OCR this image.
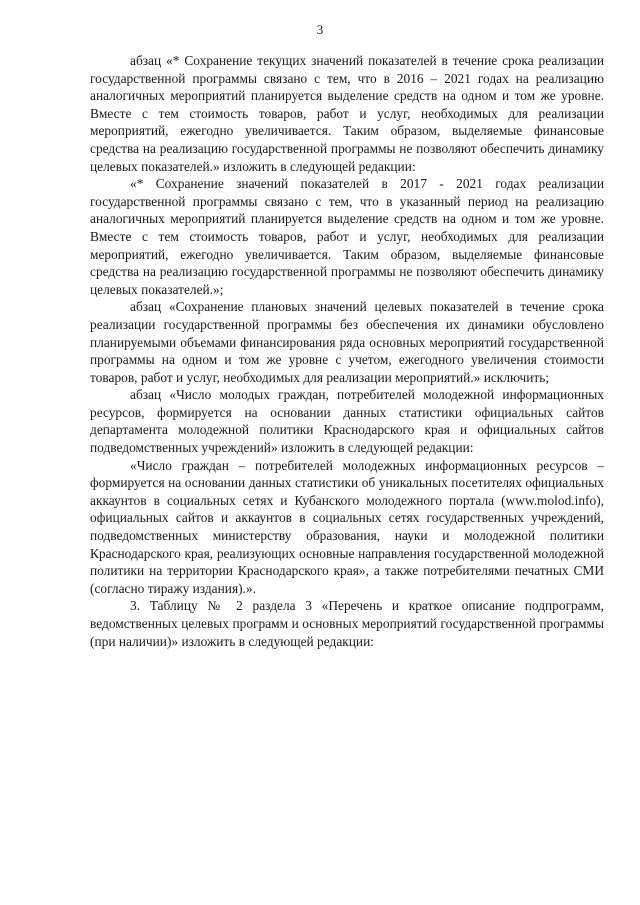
3

абзац «* Сохранение текущих значений показателей в течение срока реализации государственной программы связано с тем, что в 2016 – 2021 годах на реализацию аналогичных мероприятий планируется выделение средств на одном и том же уровне. Вместе с тем стоимость товаров, работ и услуг, необходимых для реализации мероприятий, ежегодно увеличивается. Таким образом, выделяемые финансовые средства на реализацию государственной программы не позволяют обеспечить динамику целевых показателей.» изложить в следующей редакции:

«* Сохранение значений показателей в 2017 - 2021 годах реализации государственной программы связано с тем, что в указанный период на реализацию аналогичных мероприятий планируется выделение средств на одном и том же уровне. Вместе с тем стоимость товаров, работ и услуг, необходимых для реализации мероприятий, ежегодно увеличивается. Таким образом, выделяемые финансовые средства на реализацию государственной программы не позволяют обеспечить динамику целевых показателей.»;

абзац «Сохранение плановых значений целевых показателей в течение срока реализации государственной программы без обеспечения их динамики обусловлено планируемыми объемами финансирования ряда основных мероприятий государственной программы на одном и том же уровне с учетом, ежегодного увеличения стоимости товаров, работ и услуг, необходимых для реализации мероприятий.» исключить;

абзац «Число молодых граждан, потребителей молодежной информационных ресурсов, формируется на основании данных статистики официальных сайтов департамента молодежной политики Краснодарского края и официальных сайтов подведомственных учреждений» изложить в следующей редакции:

«Число граждан – потребителей молодежных информационных ресурсов – формируется на основании данных статистики об уникальных посетителях официальных аккаунтов в социальных сетях и Кубанского молодежного портала (www.molod.info), официальных сайтов и аккаунтов в социальных сетях государственных учреждений, подведомственных министерству образования, науки и молодежной политики Краснодарского края, реализующих основные направления государственной молодежной политики на территории Краснодарского края», а также потребителями печатных СМИ (согласно тиражу издания).».

3. Таблицу № 2 раздела 3 «Перечень и краткое описание подпрограмм, ведомственных целевых программ и основных мероприятий государственной программы (при наличии)» изложить в следующей редакции:
